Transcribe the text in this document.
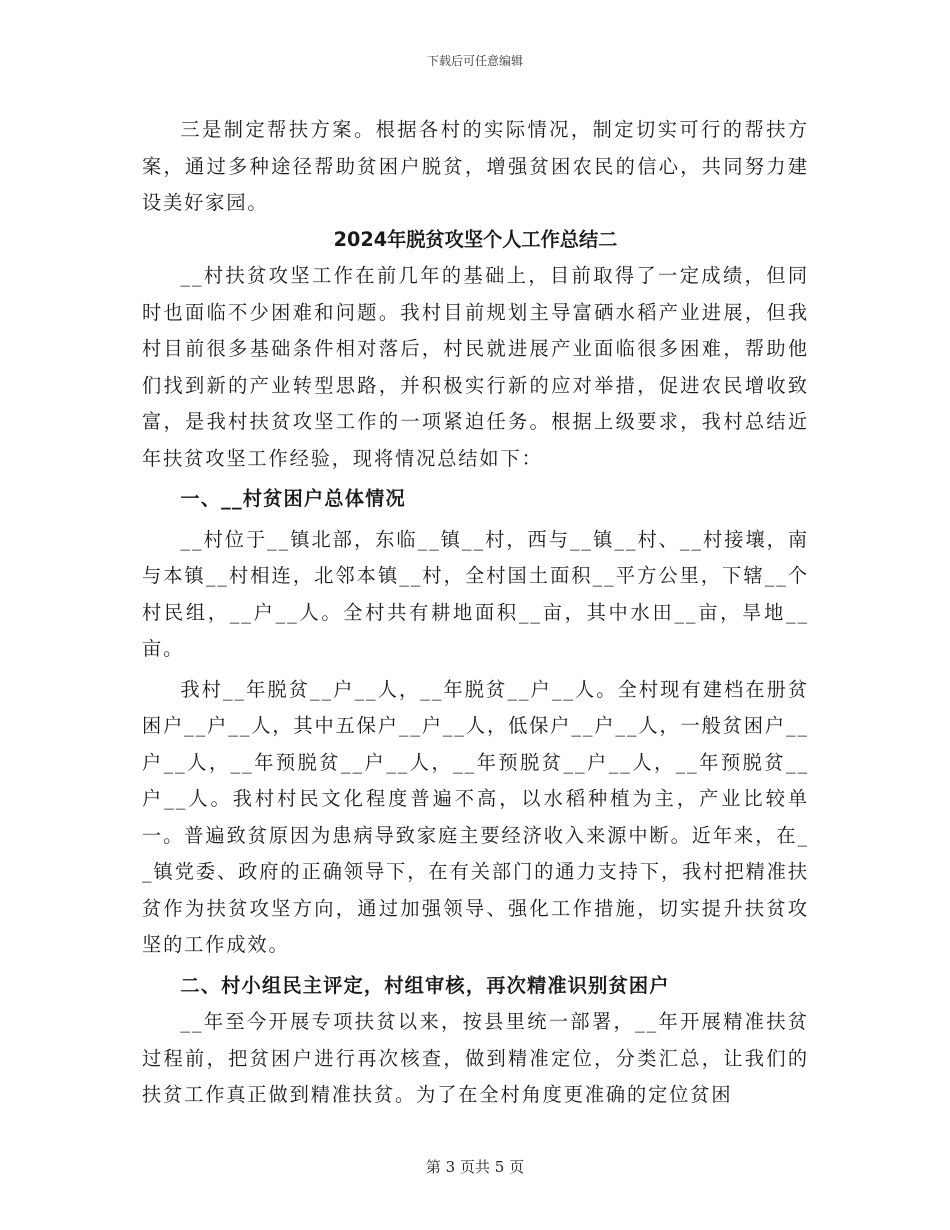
下载后可任意编辑

三是制定帮扶方案。根据各村的实际情况，制定切实可行的帮扶方案，通过多种途径帮助贫困户脱贫，增强贫困农民的信心，共同努力建设美好家园。

2024年脱贫攻坚个人工作总结二

__村扶贫攻坚工作在前几年的基础上，目前取得了一定成绩，但同时也面临不少困难和问题。我村目前规划主导富硒水稻产业进展，但我村目前很多基础条件相对落后，村民就进展产业面临很多困难，帮助他们找到新的产业转型思路，并积极实行新的应对举措，促进农民增收致富，是我村扶贫攻坚工作的一项紧迫任务。根据上级要求，我村总结近年扶贫攻坚工作经验，现将情况总结如下：

一、__村贫困户总体情况

__村位于__镇北部，东临__镇__村，西与__镇__村、__村接壤，南与本镇__村相连，北邻本镇__村，全村国土面积__平方公里，下辖__个村民组，__户__人。全村共有耕地面积__亩，其中水田__亩，旱地__亩。

我村__年脱贫__户__人，__年脱贫__户__人。全村现有建档在册贫困户__户__人，其中五保户__户__人，低保户__户__人，一般贫困户__户__人，__年预脱贫__户__人，__年预脱贫__户__人，__年预脱贫__户__人。我村村民文化程度普遍不高，以水稻种植为主，产业比较单一。普遍致贫原因为患病导致家庭主要经济收入来源中断。近年来，在__镇党委、政府的正确领导下，在有关部门的通力支持下，我村把精准扶贫作为扶贫攻坚方向，通过加强领导、强化工作措施，切实提升扶贫攻坚的工作成效。

二、村小组民主评定，村组审核，再次精准识别贫困户

__年至今开展专项扶贫以来，按县里统一部署，__年开展精准扶贫过程前，把贫困户进行再次核查，做到精准定位，分类汇总，让我们的扶贫工作真正做到精准扶贫。为了在全村角度更准确的定位贫困

第 3 页共 5 页
